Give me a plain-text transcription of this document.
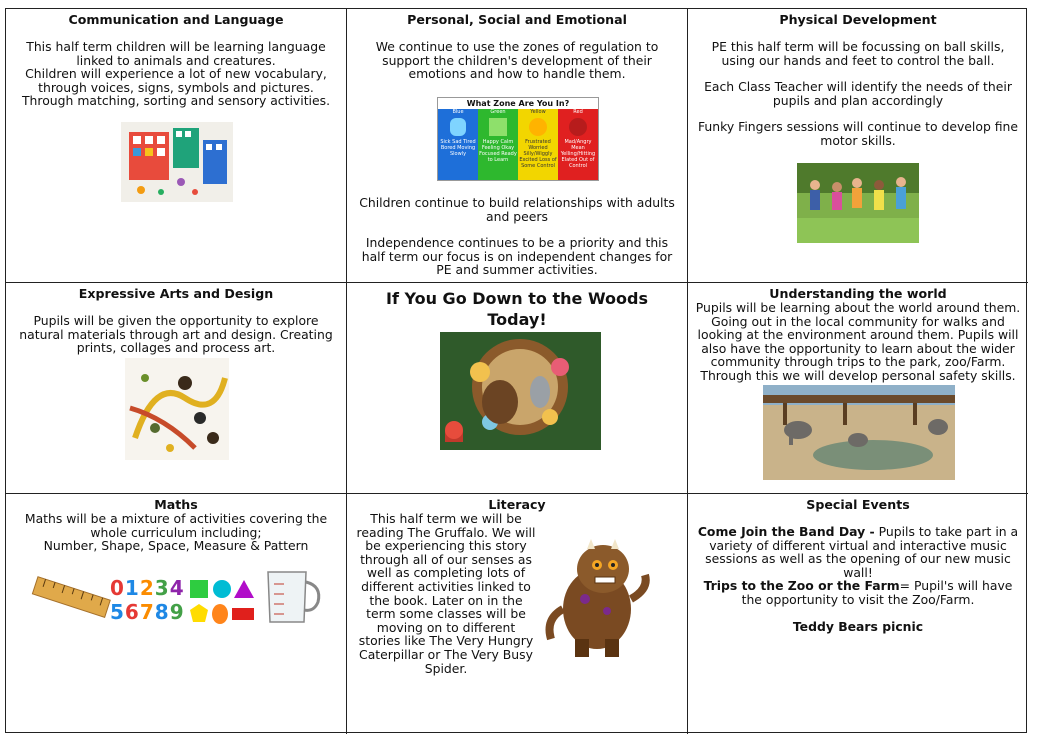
Communication and Language

This half term children will be learning language

linked to animals and creatures.

Children will experience a lot of new vocabulary,

through voices, signs, symbols and pictures.

Through matching, sorting and sensory activities.

Personal, Social and Emotional

We continue to use the zones of regulation to

support the children's development of their

emotions and how to handle them.

What Zone Are You In?
Blue
Sick Sad Tired Bored Moving Slowly
Green
Happy Calm Feeling Okay Focused Ready to Learn
Yellow
Frustrated Worried Silly/Wiggly Excited Loss of Some Control
Red
Mad/Angry Mean Yelling/Hitting Elated Out of Control

Children continue to build relationships with adults

and peers

Independence continues to be a priority and this

half term our focus is on independent changes for

PE and summer activities.

Physical Development

PE this half term will be focussing on ball skills,

using our hands and feet to control the ball.

Each Class Teacher will identify the needs of their

pupils and plan accordingly

Funky Fingers sessions will continue to develop fine

motor skills.

Expressive Arts and Design

Pupils will be given the opportunity to explore

natural materials through art and design. Creating

prints, collages and process art.

If You Go Down to the Woods

Today!

Understanding the world

Pupils will be learning about the world around them.

Going out in the local community for walks and

looking at the environment around them. Pupils will

also have the opportunity to learn about the wider

community through trips to the park, zoo/Farm.

Through this we will develop personal safety skills.

Maths

Maths will be a mixture of activities covering the

whole curriculum including;

Number, Shape, Space, Measure & Pattern

01234
56789

Literacy

This half term we will be

reading The Gruffalo. We will

be experiencing this story

through all of our senses as

well as completing lots of

different activities linked to

the book. Later on in the

term some classes will be

moving on to different

stories like The Very Hungry

Caterpillar or The Very Busy

Spider.

Special Events

Come Join the Band Day - Pupils to take part in a variety of different virtual and interactive music sessions as well as the opening of our new music wall!

Trips to the Zoo or the Farm= Pupil's will have the opportunity to visit the Zoo/Farm.

Teddy Bears picnic
